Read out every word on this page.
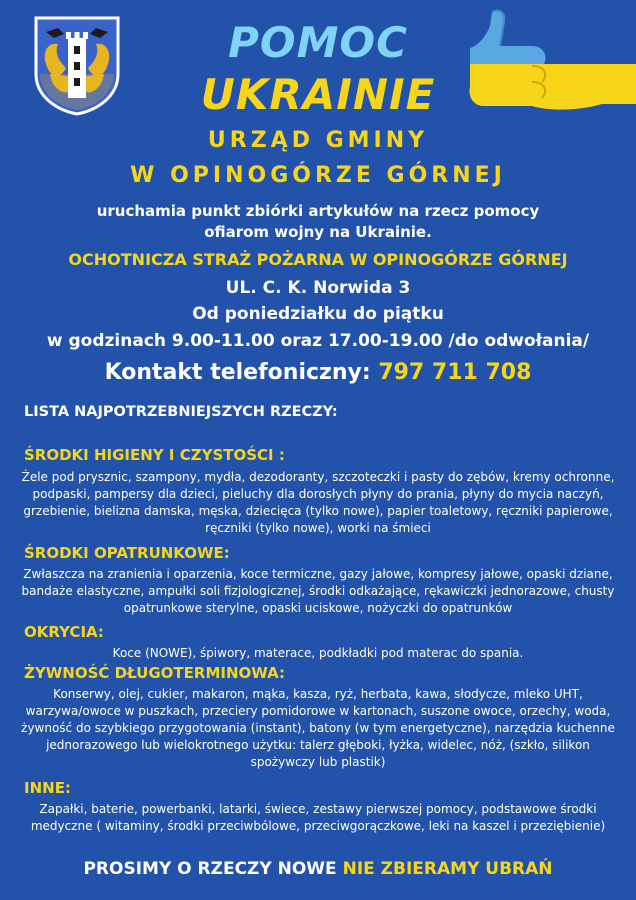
POMOC
UKRAINIE
URZĄD GMINY
W OPINOGÓRZE GÓRNEJ
uruchamia punkt zbiórki artykułów na rzecz pomocy ofiarom wojny na Ukrainie.
OCHOTNICZA STRAŻ POŻARNA W OPINOGÓRZE GÓRNEJ
UL. C. K. Norwida 3
Od poniedziałku do piątku
w godzinach 9.00-11.00 oraz 17.00-19.00 /do odwołania/
Kontakt telefoniczny: 797 711 708
LISTA NAJPOTRZEBNIEJSZYCH RZECZY:
ŚRODKI HIGIENY I CZYSTOŚCI :
Żele pod prysznic, szampony, mydła, dezodoranty, szczoteczki i pasty do zębów, kremy ochronne, podpaski, pampersy dla dzieci, pieluchy dla dorosłych płyny do prania, płyny do mycia naczyń, grzebienie, bielizna damska, męska, dziecięca (tylko nowe), papier toaletowy, ręczniki papierowe, ręczniki (tylko nowe), worki na śmieci
ŚRODKI OPATRUNKOWE:
Zwłaszcza na zranienia i oparzenia, koce termiczne, gazy jałowe, kompresy jałowe, opaski dziane, bandaże elastyczne, ampułki soli fizjologicznej, środki odkażające, rękawiczki jednorazowe, chusty opatrunkowe sterylne, opaski uciskowe, nożyczki do opatrunków
OKRYCIA:
Koce (NOWE), śpiwory, materace, podkładki pod materac do spania.
ŻYWNOŚĆ DŁUGOTERMINOWA:
Konserwy, olej, cukier, makaron, mąka, kasza, ryż, herbata, kawa, słodycze, mleko UHT, warzywa/owoce w puszkach, przeciery pomidorowe w kartonach, suszone owoce, orzechy, woda, żywność do szybkiego przygotowania (instant), batony (w tym energetyczne), narzędzia kuchenne jednorazowego lub wielokrotnego użytku: talerz głęboki, łyżka, widelec, nóż, (szkło, silikon spożywczy lub plastik)
INNE:
Zapałki, baterie, powerbanki, latarki, świece, zestawy pierwszej pomocy, podstawowe środki medyczne ( witaminy, środki przeciwbólowe, przeciwgorączkowe, leki na kaszel i przeziębienie)
PROSIMY O RZECZY NOWE NIE ZBIERAMY UBRAŃ
